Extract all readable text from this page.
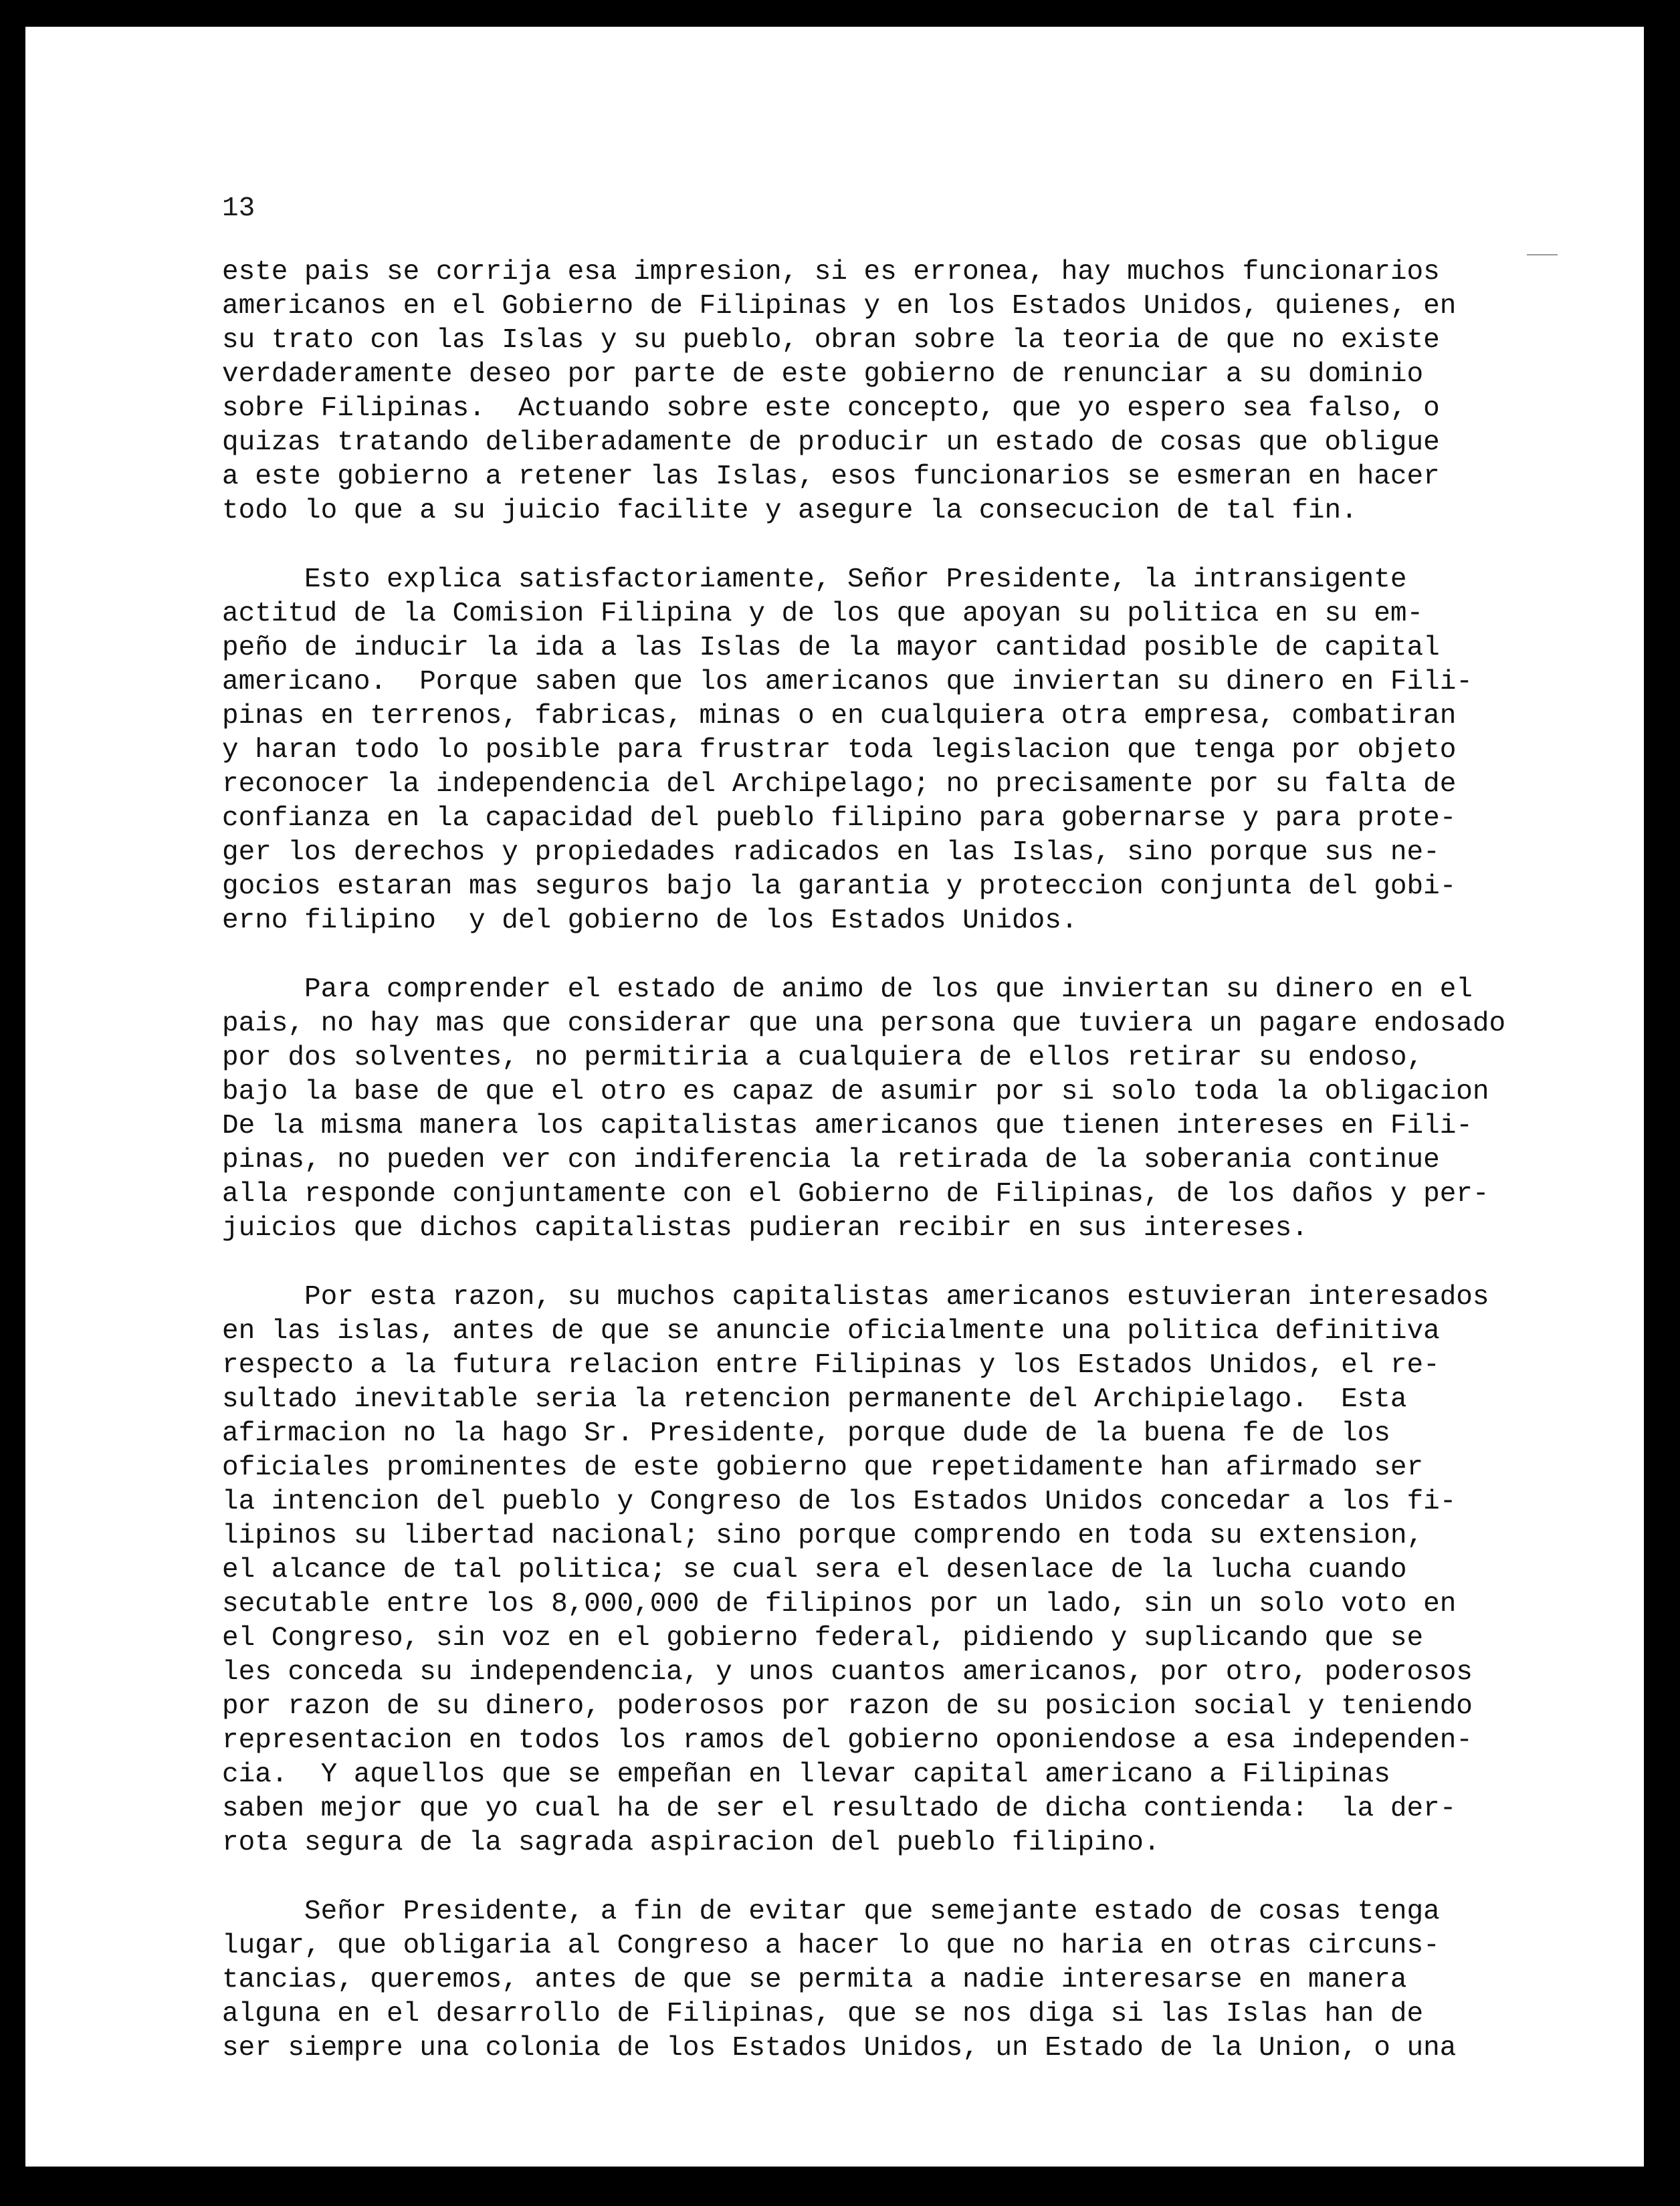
13
este pais se corrija esa impresion, si es erronea, hay muchos funcionarios
americanos en el Gobierno de Filipinas y en los Estados Unidos, quienes, en
su trato con las Islas y su pueblo, obran sobre la teoria de que no existe
verdaderamente deseo por parte de este gobierno de renunciar a su dominio
sobre Filipinas.  Actuando sobre este concepto, que yo espero sea falso, o
quizas tratando deliberadamente de producir un estado de cosas que obligue
a este gobierno a retener las Islas, esos funcionarios se esmeran en hacer
todo lo que a su juicio facilite y asegure la consecucion de tal fin.
Esto explica satisfactoriamente, Señor Presidente, la intransigente
actitud de la Comision Filipina y de los que apoyan su politica en su em-
peño de inducir la ida a las Islas de la mayor cantidad posible de capital
americano.  Porque saben que los americanos que inviertan su dinero en Fili-
pinas en terrenos, fabricas, minas o en cualquiera otra empresa, combatiran
y haran todo lo posible para frustrar toda legislacion que tenga por objeto
reconocer la independencia del Archipelago; no precisamente por su falta de
confianza en la capacidad del pueblo filipino para gobernarse y para prote-
ger los derechos y propiedades radicados en las Islas, sino porque sus ne-
gocios estaran mas seguros bajo la garantia y proteccion conjunta del gobi-
erno filipino  y del gobierno de los Estados Unidos.
Para comprender el estado de animo de los que inviertan su dinero en el
pais, no hay mas que considerar que una persona que tuviera un pagare endosado
por dos solventes, no permitiria a cualquiera de ellos retirar su endoso,
bajo la base de que el otro es capaz de asumir por si solo toda la obligacion
De la misma manera los capitalistas americanos que tienen intereses en Fili-
pinas, no pueden ver con indiferencia la retirada de la soberania continue
alla responde conjuntamente con el Gobierno de Filipinas, de los daños y per-
juicios que dichos capitalistas pudieran recibir en sus intereses.
Por esta razon, su muchos capitalistas americanos estuvieran interesados
en las islas, antes de que se anuncie oficialmente una politica definitiva
respecto a la futura relacion entre Filipinas y los Estados Unidos, el re-
sultado inevitable seria la retencion permanente del Archipielago.  Esta
afirmacion no la hago Sr. Presidente, porque dude de la buena fe de los
oficiales prominentes de este gobierno que repetidamente han afirmado ser
la intencion del pueblo y Congreso de los Estados Unidos concedar a los fi-
lipinos su libertad nacional; sino porque comprendo en toda su extension,
el alcance de tal politica; se cual sera el desenlace de la lucha cuando
secutable entre los 8,000,000 de filipinos por un lado, sin un solo voto en
el Congreso, sin voz en el gobierno federal, pidiendo y suplicando que se
les conceda su independencia, y unos cuantos americanos, por otro, poderosos
por razon de su dinero, poderosos por razon de su posicion social y teniendo
representacion en todos los ramos del gobierno oponiendose a esa independen-
cia.  Y aquellos que se empeñan en llevar capital americano a Filipinas
saben mejor que yo cual ha de ser el resultado de dicha contienda:  la der-
rota segura de la sagrada aspiracion del pueblo filipino.
Señor Presidente, a fin de evitar que semejante estado de cosas tenga
lugar, que obligaria al Congreso a hacer lo que no haria en otras circuns-
tancias, queremos, antes de que se permita a nadie interesarse en manera
alguna en el desarrollo de Filipinas, que se nos diga si las Islas han de
ser siempre una colonia de los Estados Unidos, un Estado de la Union, o una
